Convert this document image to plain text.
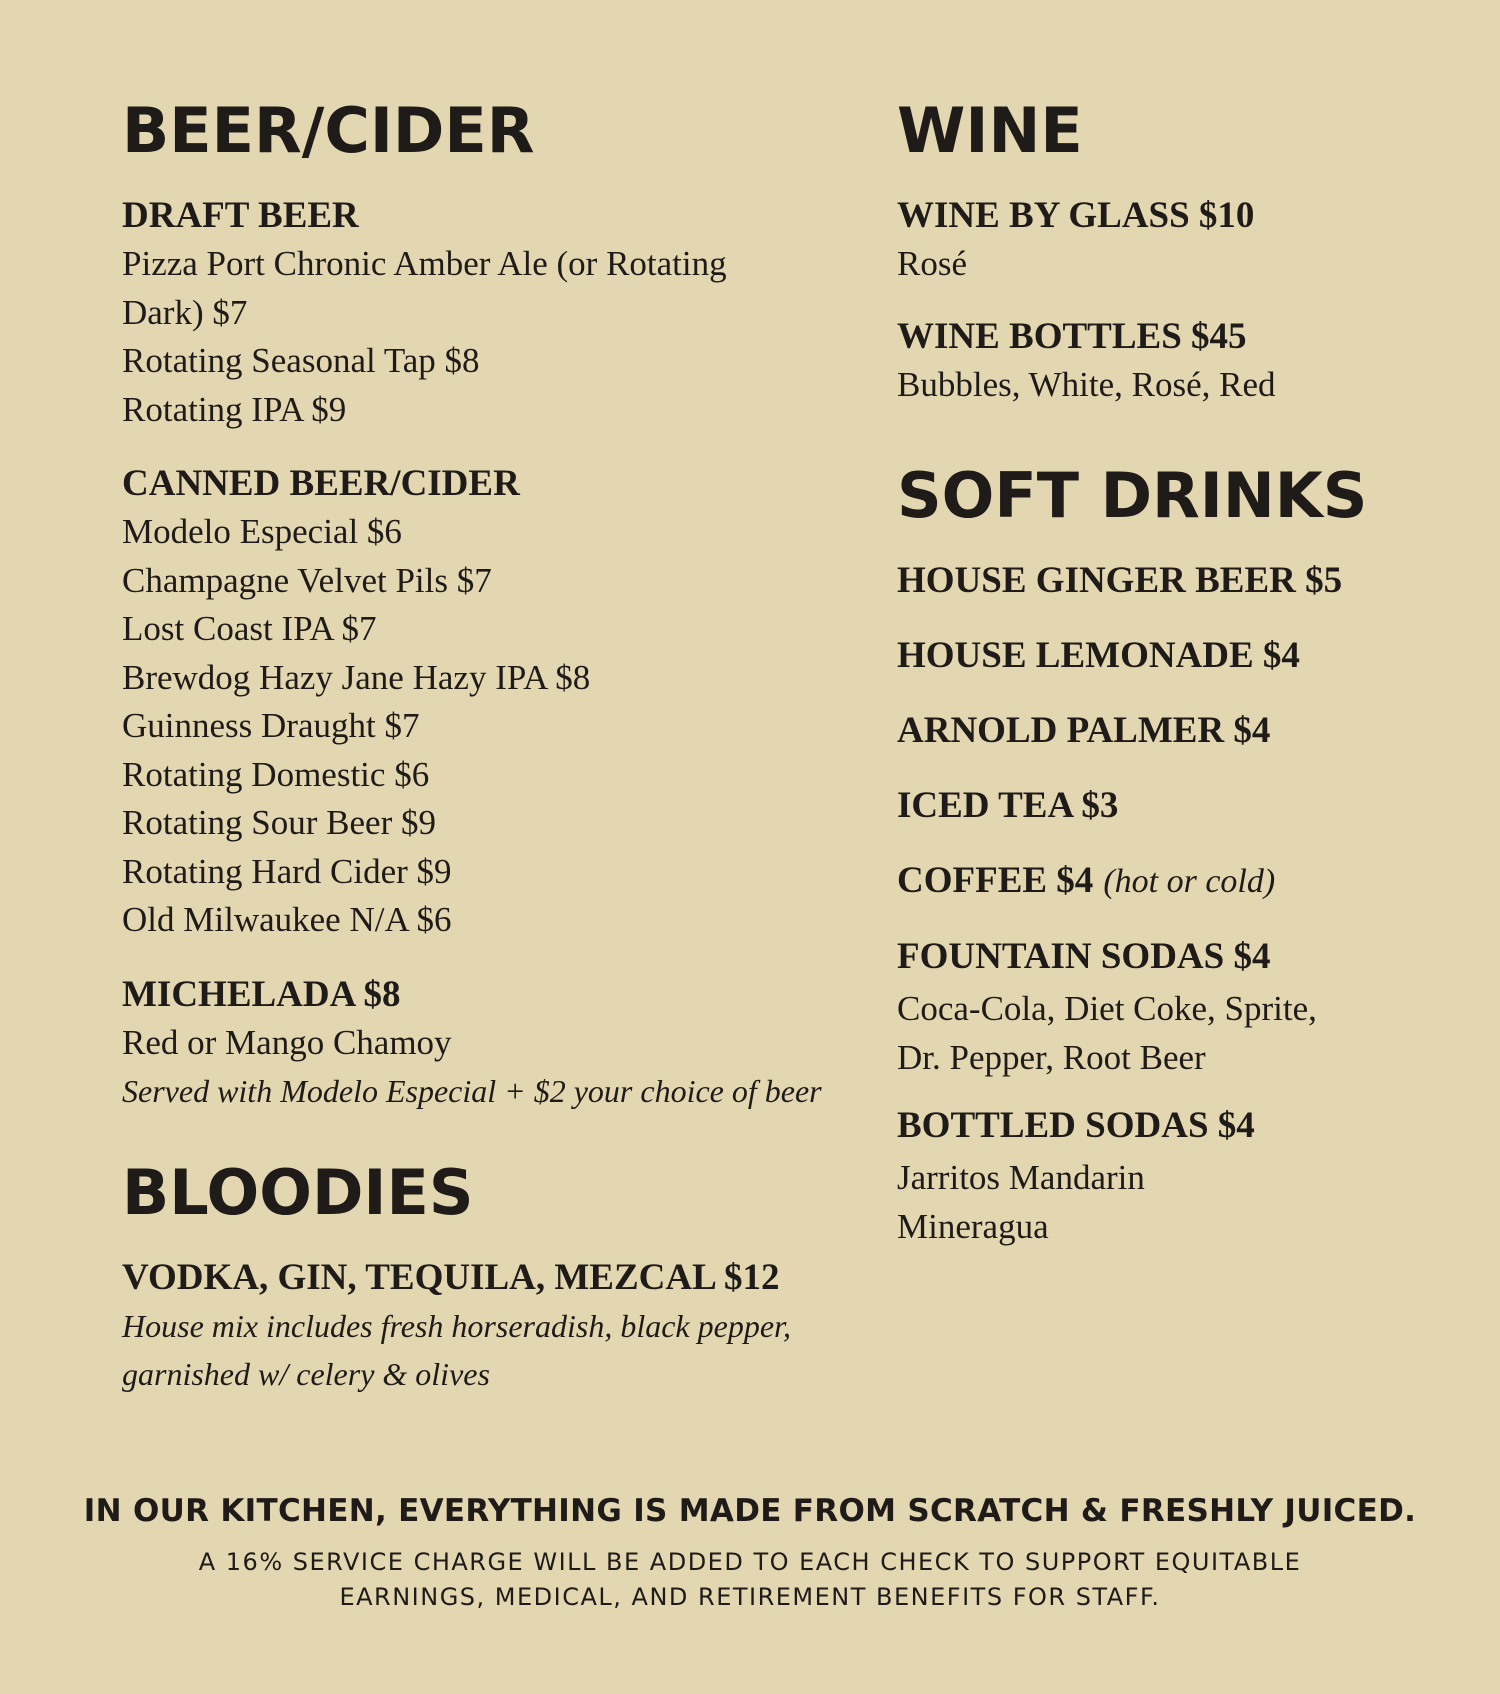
BEER/CIDER

DRAFT BEER

Pizza Port Chronic Amber Ale (or Rotating

Dark) $7

Rotating Seasonal Tap $8

Rotating IPA $9

CANNED BEER/CIDER

Modelo Especial $6

Champagne Velvet Pils $7

Lost Coast IPA $7

Brewdog Hazy Jane Hazy IPA $8

Guinness Draught $7

Rotating Domestic $6

Rotating Sour Beer $9

Rotating Hard Cider $9

Old Milwaukee N/A $6

MICHELADA $8

Red or Mango Chamoy

Served with Modelo Especial + $2 your choice of beer

BLOODIES

VODKA, GIN, TEQUILA, MEZCAL $12

House mix includes fresh horseradish, black pepper,

garnished w/ celery & olives

WINE

WINE BY GLASS $10

Rosé

WINE BOTTLES $45

Bubbles, White, Rosé, Red

SOFT DRINKS

HOUSE GINGER BEER $5

HOUSE LEMONADE $4

ARNOLD PALMER $4

ICED TEA $3

COFFEE $4 (hot or cold)

FOUNTAIN SODAS $4

Coca-Cola, Diet Coke, Sprite,

Dr. Pepper, Root Beer

BOTTLED SODAS $4

Jarritos Mandarin

Mineragua

IN OUR KITCHEN, EVERYTHING IS MADE FROM SCRATCH & FRESHLY JUICED.
A 16% SERVICE CHARGE WILL BE ADDED TO EACH CHECK TO SUPPORT EQUITABLE
EARNINGS, MEDICAL, AND RETIREMENT BENEFITS FOR STAFF.
